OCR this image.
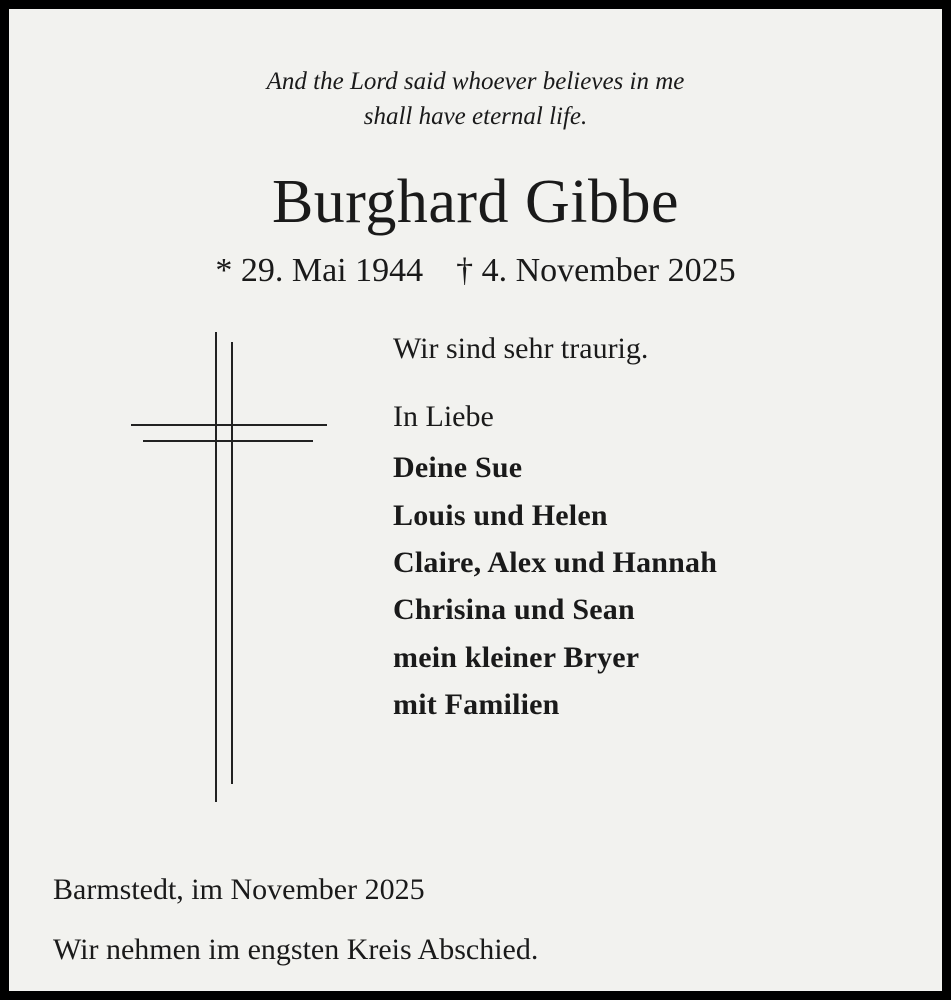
And the Lord said whoever believes in me
shall have eternal life.
Burghard Gibbe
* 29. Mai 1944 † 4. November 2025

Wir sind sehr traurig.

In Liebe

Deine Sue
Louis und Helen
Claire, Alex und Hannah
Chrisina und Sean
mein kleiner Bryer
mit Familien

Barmstedt, im November 2025

Wir nehmen im engsten Kreis Abschied.
